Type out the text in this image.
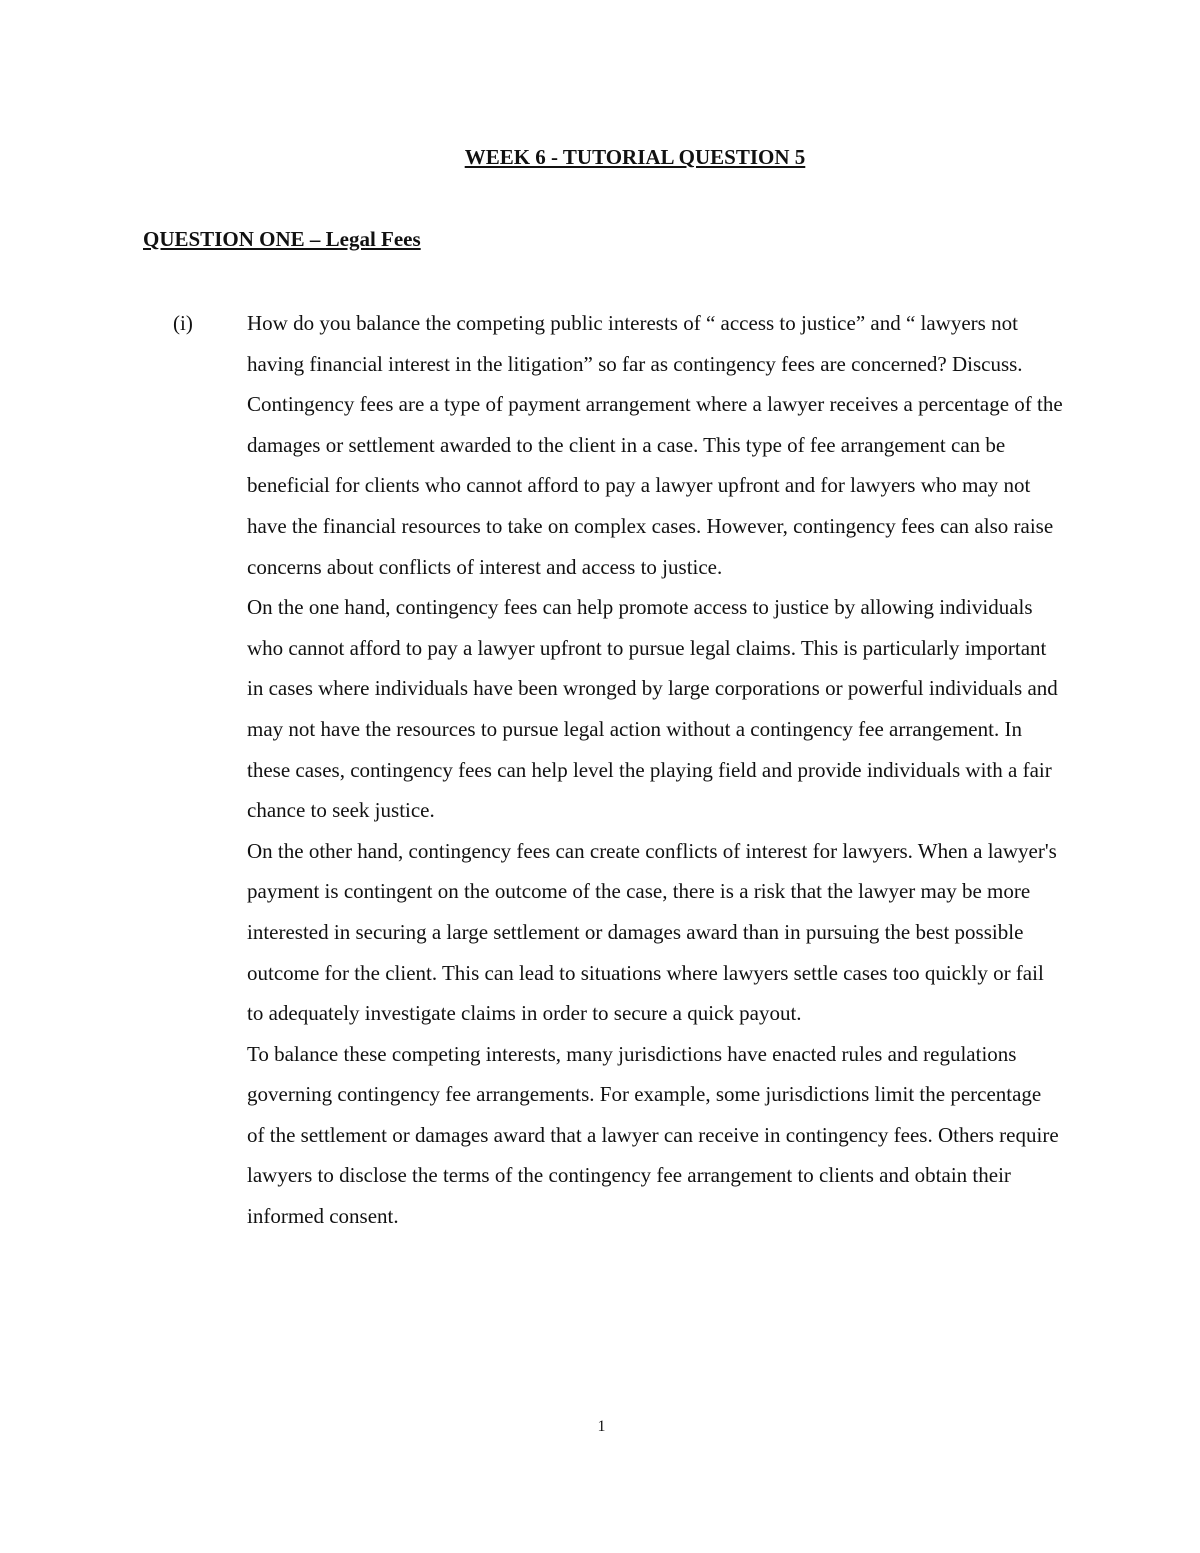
WEEK 6 - TUTORIAL QUESTION 5
QUESTION ONE – Legal Fees
(i)	How do you balance the competing public interests of “ access to justice” and “ lawyers not having financial interest in the litigation” so far as contingency fees are concerned? Discuss.

Contingency fees are a type of payment arrangement where a lawyer receives a percentage of the damages or settlement awarded to the client in a case. This type of fee arrangement can be beneficial for clients who cannot afford to pay a lawyer upfront and for lawyers who may not have the financial resources to take on complex cases. However, contingency fees can also raise concerns about conflicts of interest and access to justice.

On the one hand, contingency fees can help promote access to justice by allowing individuals who cannot afford to pay a lawyer upfront to pursue legal claims. This is particularly important in cases where individuals have been wronged by large corporations or powerful individuals and may not have the resources to pursue legal action without a contingency fee arrangement. In these cases, contingency fees can help level the playing field and provide individuals with a fair chance to seek justice.

On the other hand, contingency fees can create conflicts of interest for lawyers. When a lawyer's payment is contingent on the outcome of the case, there is a risk that the lawyer may be more interested in securing a large settlement or damages award than in pursuing the best possible outcome for the client. This can lead to situations where lawyers settle cases too quickly or fail to adequately investigate claims in order to secure a quick payout.

To balance these competing interests, many jurisdictions have enacted rules and regulations governing contingency fee arrangements. For example, some jurisdictions limit the percentage of the settlement or damages award that a lawyer can receive in contingency fees. Others require lawyers to disclose the terms of the contingency fee arrangement to clients and obtain their informed consent.

1
